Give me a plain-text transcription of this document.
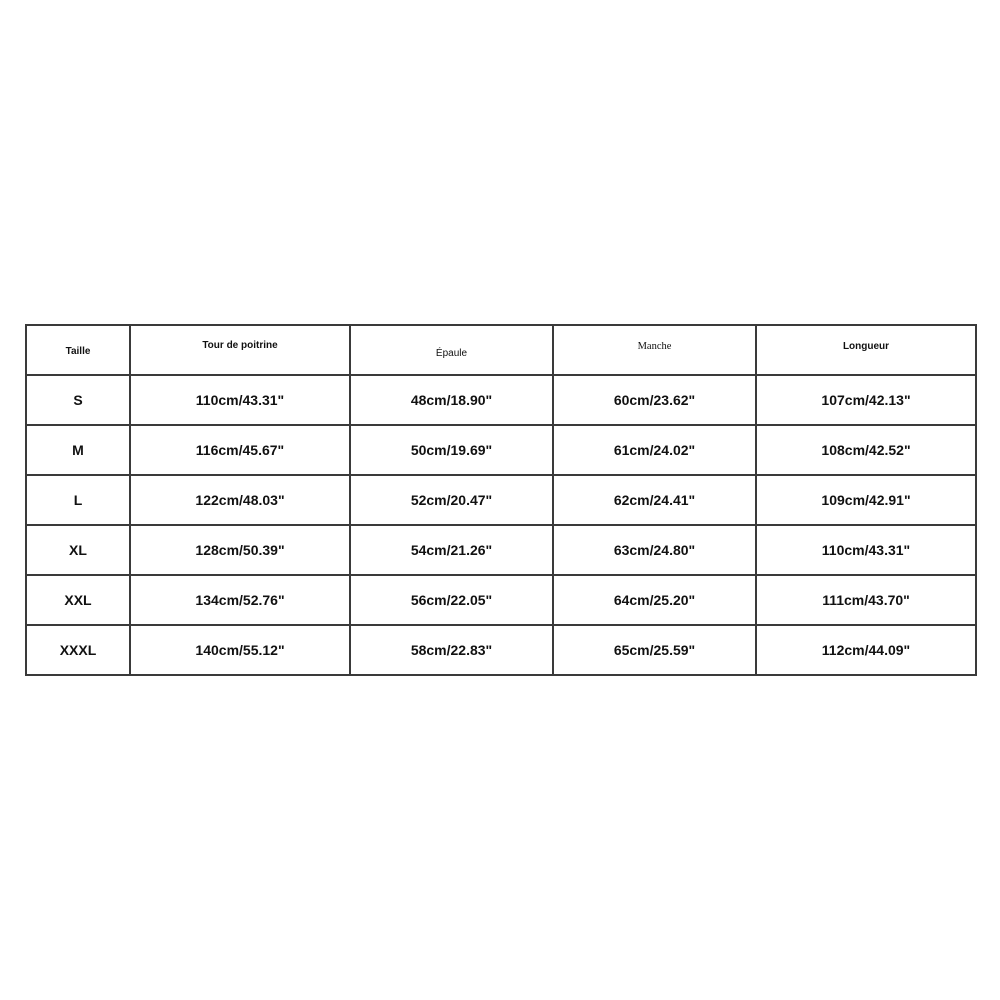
Taille	Tour de poitrine	Épaule	Manche	Longueur
S	110cm/43.31"	48cm/18.90"	60cm/23.62"	107cm/42.13"
M	116cm/45.67"	50cm/19.69"	61cm/24.02"	108cm/42.52"
L	122cm/48.03"	52cm/20.47"	62cm/24.41"	109cm/42.91"
XL	128cm/50.39"	54cm/21.26"	63cm/24.80"	110cm/43.31"
XXL	134cm/52.76"	56cm/22.05"	64cm/25.20"	111cm/43.70"
XXXL	140cm/55.12"	58cm/22.83"	65cm/25.59"	112cm/44.09"
